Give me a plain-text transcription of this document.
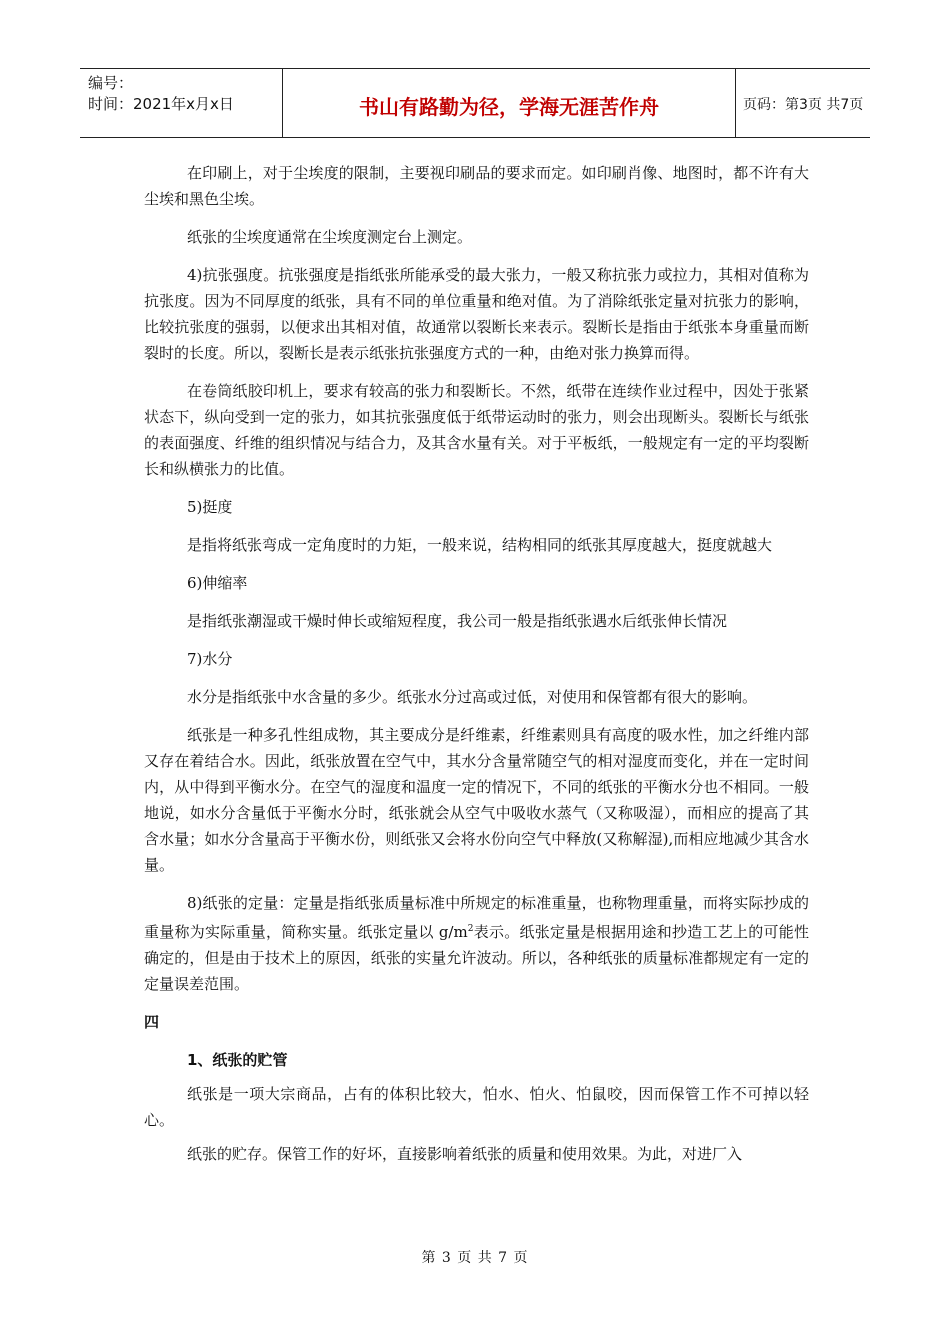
编号：
时间：2021年x月x日	书山有路勤为径，学海无涯苦作舟	页码：第3页 共7页

在印刷上，对于尘埃度的限制，主要视印刷品的要求而定。如印刷肖像、地图时，都不许有大尘埃和黑色尘埃。

纸张的尘埃度通常在尘埃度测定台上测定。

4)抗张强度。抗张强度是指纸张所能承受的最大张力，一般又称抗张力或拉力，其相对值称为抗张度。因为不同厚度的纸张，具有不同的单位重量和绝对值。为了消除纸张定量对抗张力的影响，比较抗张度的强弱，以便求出其相对值，故通常以裂断长来表示。裂断长是指由于纸张本身重量而断裂时的长度。所以，裂断长是表示纸张抗张强度方式的一种，由绝对张力换算而得。

在卷筒纸胶印机上，要求有较高的张力和裂断长。不然，纸带在连续作业过程中，因处于张紧状态下，纵向受到一定的张力，如其抗张强度低于纸带运动时的张力，则会出现断头。裂断长与纸张的表面强度、纤维的组织情况与结合力，及其含水量有关。对于平板纸，一般规定有一定的平均裂断长和纵横张力的比值。

5)挺度

是指将纸张弯成一定角度时的力矩，一般来说，结构相同的纸张其厚度越大，挺度就越大

6)伸缩率

是指纸张潮湿或干燥时伸长或缩短程度，我公司一般是指纸张遇水后纸张伸长情况

7)水分

水分是指纸张中水含量的多少。纸张水分过高或过低，对使用和保管都有很大的影响。

纸张是一种多孔性组成物，其主要成分是纤维素，纤维素则具有高度的吸水性，加之纤维内部又存在着结合水。因此，纸张放置在空气中，其水分含量常随空气的相对湿度而变化，并在一定时间内，从中得到平衡水分。在空气的湿度和温度一定的情况下，不同的纸张的平衡水分也不相同。一般地说，如水分含量低于平衡水分时，纸张就会从空气中吸收水蒸气（又称吸湿），而相应的提高了其含水量；如水分含量高于平衡水份，则纸张又会将水份向空气中释放(又称解湿),而相应地减少其含水量。

8)纸张的定量：定量是指纸张质量标准中所规定的标准重量，也称物理重量，而将实际抄成的重量称为实际重量，简称实量。纸张定量以 $g/m^2$表示。纸张定量是根据用途和抄造工艺上的可能性确定的，但是由于技术上的原因，纸张的实量允许波动。所以，各种纸张的质量标准都规定有一定的定量误差范围。

四

1、纸张的贮管

纸张是一项大宗商品，占有的体积比较大，怕水、怕火、怕鼠咬，因而保管工作不可掉以轻心。

纸张的贮存。保管工作的好坏，直接影响着纸张的质量和使用效果。为此，对进厂入

第 3 页 共 7 页
